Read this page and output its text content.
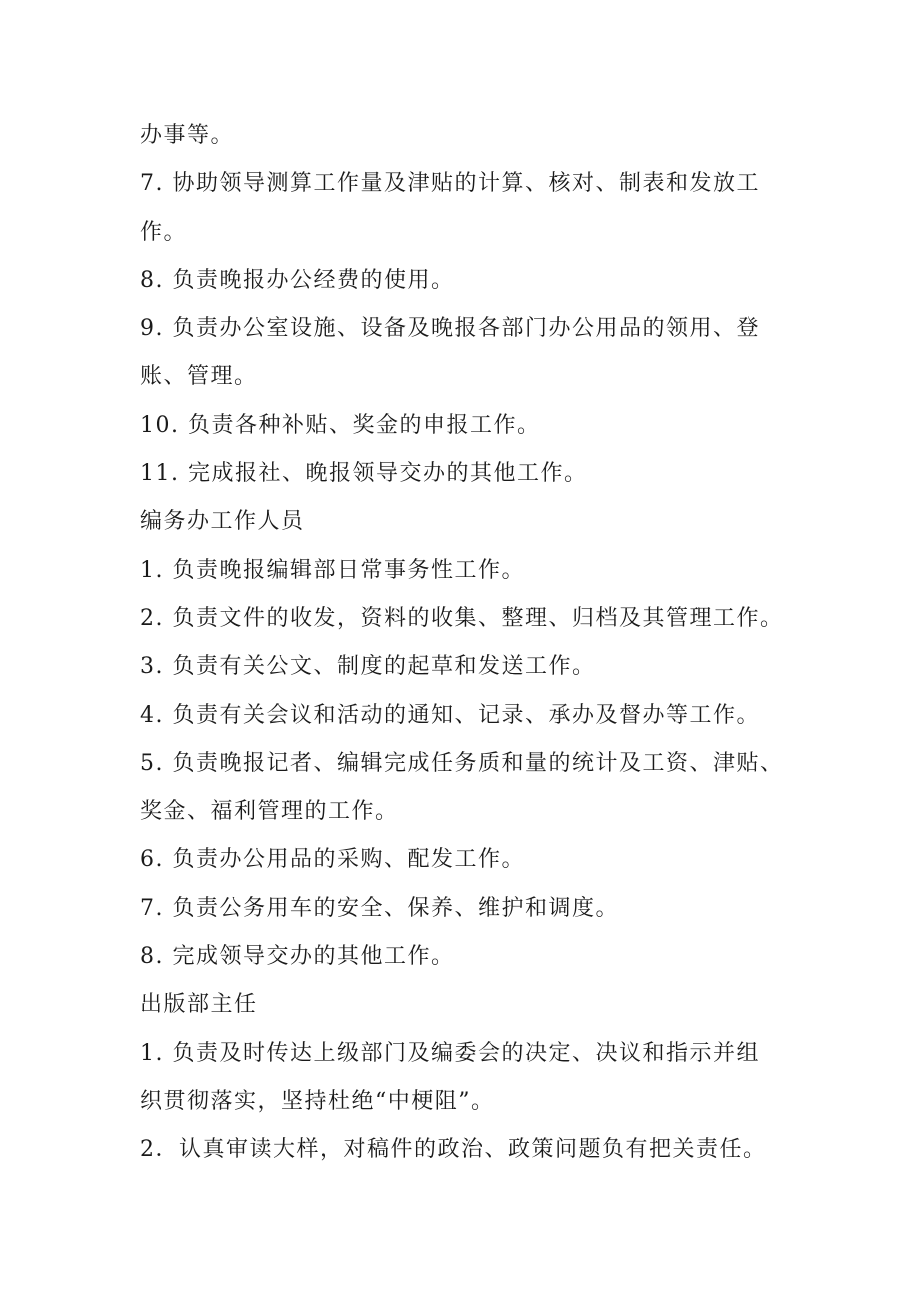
办事等。
7. 协助领导测算工作量及津贴的计算、核对、制表和发放工
作。
8. 负责晚报办公经费的使用。
9. 负责办公室设施、设备及晚报各部门办公用品的领用、登
账、管理。
10. 负责各种补贴、奖金的申报工作。
11. 完成报社、晚报领导交办的其他工作。
编务办工作人员
1. 负责晚报编辑部日常事务性工作。
2. 负责文件的收发，资料的收集、整理、归档及其管理工作。
3. 负责有关公文、制度的起草和发送工作。
4. 负责有关会议和活动的通知、记录、承办及督办等工作。
5. 负责晚报记者、编辑完成任务质和量的统计及工资、津贴、
奖金、福利管理的工作。
6. 负责办公用品的采购、配发工作。
7. 负责公务用车的安全、保养、维护和调度。
8. 完成领导交办的其他工作。
出版部主任
1. 负责及时传达上级部门及编委会的决定、决议和指示并组
织贯彻落实，坚持杜绝“中梗阻”。
2．认真审读大样，对稿件的政治、政策问题负有把关责任。
